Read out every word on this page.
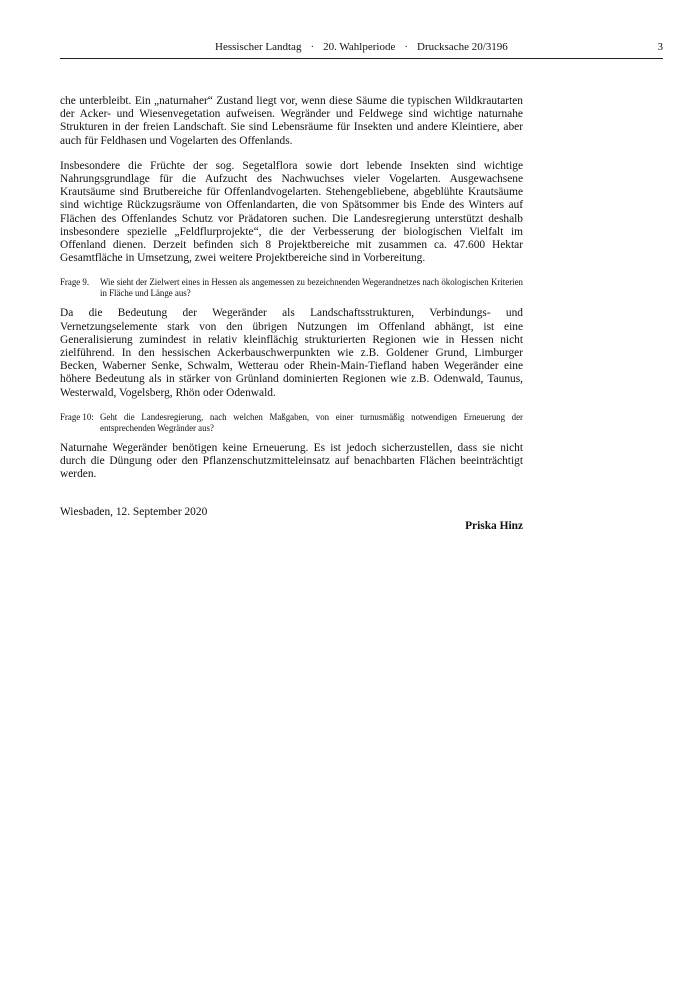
Hessischer Landtag · 20. Wahlperiode · Drucksache 20/3196	3

che unterbleibt. Ein „naturnaher“ Zustand liegt vor, wenn diese Säume die typischen Wildkrautarten der Acker- und Wiesenvegetation aufweisen. Wegränder und Feldwege sind wichtige naturnahe Strukturen in der freien Landschaft. Sie sind Lebensräume für Insekten und andere Kleintiere, aber auch für Feldhasen und Vogelarten des Offenlands.

Insbesondere die Früchte der sog. Segetalflora sowie dort lebende Insekten sind wichtige Nahrungsgrundlage für die Aufzucht des Nachwuchses vieler Vogelarten. Ausgewachsene Krautsäume sind Brutbereiche für Offenlandvogelarten. Stehengebliebene, abgeblühte Krautsäume sind wichtige Rückzugsräume von Offenlandarten, die von Spätsommer bis Ende des Winters auf Flächen des Offenlandes Schutz vor Prädatoren suchen. Die Landesregierung unterstützt deshalb insbesondere spezielle „Feldflurprojekte“, die der Verbesserung der biologischen Vielfalt im Offenland dienen. Derzeit befinden sich 8 Projektbereiche mit zusammen ca. 47.600 Hektar Gesamtfläche in Umsetzung, zwei weitere Projektbereiche sind in Vorbereitung.

Frage 9.	Wie sieht der Zielwert eines in Hessen als angemessen zu bezeichnenden Wegerandnetzes nach ökologischen Kriterien in Fläche und Länge aus?

Da die Bedeutung der Wegeränder als Landschaftsstrukturen, Verbindungs- und Vernetzungselemente stark von den übrigen Nutzungen im Offenland abhängt, ist eine Generalisierung zumindest in relativ kleinflächig strukturierten Regionen wie in Hessen nicht zielführend. In den hessischen Ackerbauschwerpunkten wie z.B. Goldener Grund, Limburger Becken, Waberner Senke, Schwalm, Wetterau oder Rhein-Main-Tiefland haben Wegeränder eine höhere Bedeutung als in stärker von Grünland dominierten Regionen wie z.B. Odenwald, Taunus, Westerwald, Vogelsberg, Rhön oder Odenwald.

Frage 10: Geht die Landesregierung, nach welchen Maßgaben, von einer turnusmäßig notwendigen Erneuerung der entsprechenden Wegränder aus?

Naturnahe Wegeränder benötigen keine Erneuerung. Es ist jedoch sicherzustellen, dass sie nicht durch die Düngung oder den Pflanzenschutzmitteleinsatz auf benachbarten Flächen beeinträchtigt werden.

Wiesbaden, 12. September 2020
Priska Hinz
